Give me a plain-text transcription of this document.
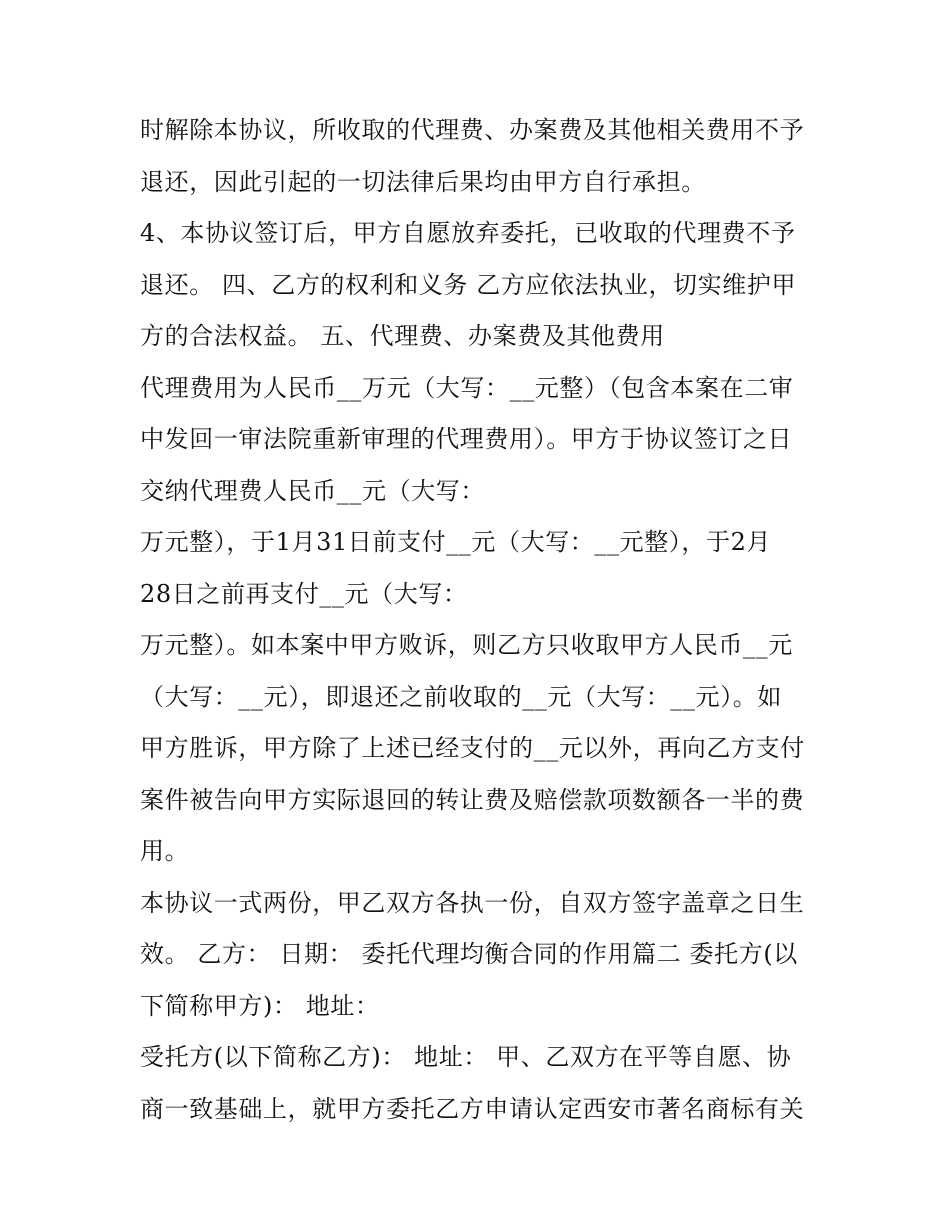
时解除本协议，所收取的代理费、办案费及其他相关费用不予
退还，因此引起的一切法律后果均由甲方自行承担。
4、本协议签订后，甲方自愿放弃委托，已收取的代理费不予
退还。 四、乙方的权利和义务 乙方应依法执业，切实维护甲
方的合法权益。 五、代理费、办案费及其他费用
代理费用为人民币__万元（大写：__元整）（包含本案在二审
中发回一审法院重新审理的代理费用）。甲方于协议签订之日
交纳代理费人民币__元（大写：
万元整），于1月31日前支付__元（大写：__元整），于2月
28日之前再支付__元（大写：
万元整）。如本案中甲方败诉，则乙方只收取甲方人民币__元
（大写：__元），即退还之前收取的__元（大写：__元）。如
甲方胜诉，甲方除了上述已经支付的__元以外，再向乙方支付
案件被告向甲方实际退回的转让费及赔偿款项数额各一半的费
用。
本协议一式两份，甲乙双方各执一份，自双方签字盖章之日生
效。 乙方： 日期： 委托代理均衡合同的作用篇二 委托方(以
下简称甲方)： 地址：
受托方(以下简称乙方)： 地址： 甲、乙双方在平等自愿、协
商一致基础上，就甲方委托乙方申请认定西安市著名商标有关
